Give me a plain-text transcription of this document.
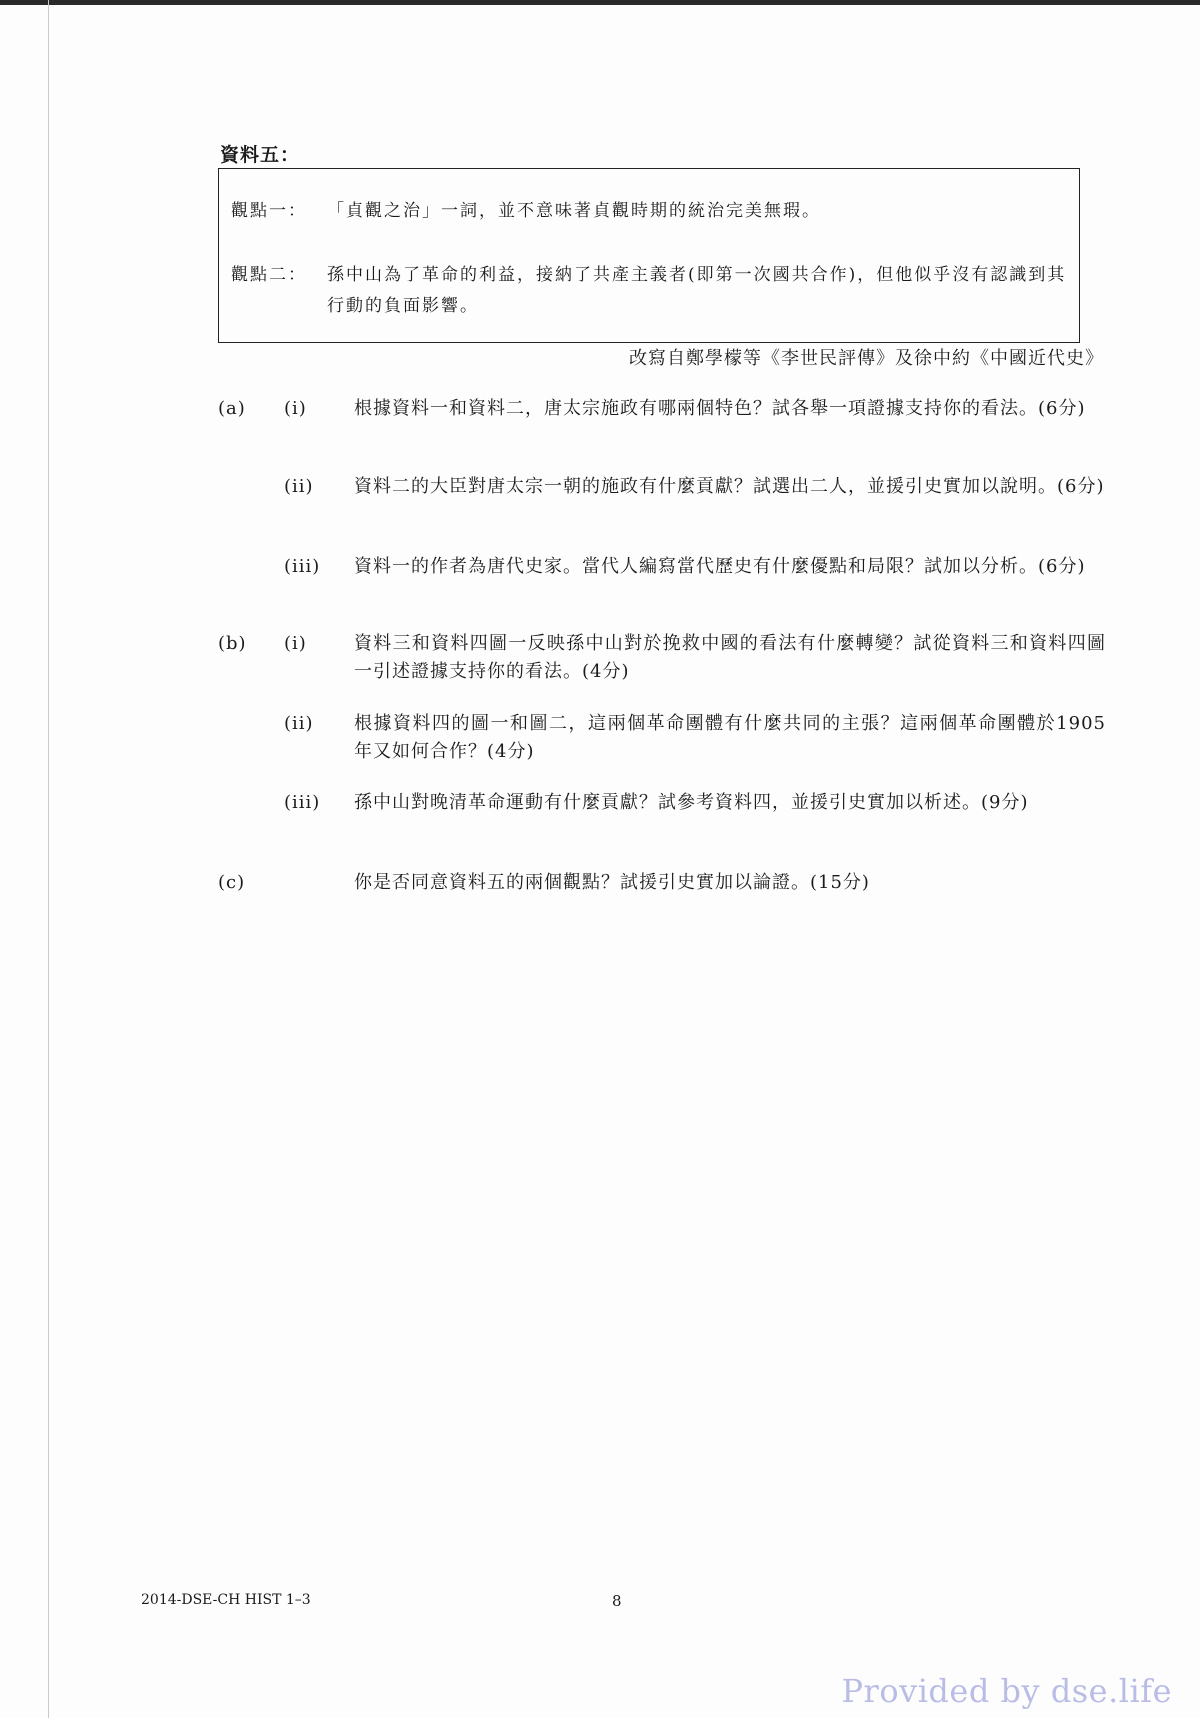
資料五：
觀點一： 「貞觀之治」一詞，並不意味著貞觀時期的統治完美無瑕。
觀點二： 孫中山為了革命的利益，接納了共產主義者(即第一次國共合作)，但他似乎沒有認識到其行動的負面影響。
改寫自鄭學檬等《李世民評傳》及徐中約《中國近代史》
(a) (i)	根據資料一和資料二，唐太宗施政有哪兩個特色？試各舉一項證據支持你的看法。(6分)
(ii) 資料二的大臣對唐太宗一朝的施政有什麼貢獻？試選出二人，並援引史實加以說明。(6分)
(iii) 資料一的作者為唐代史家。當代人編寫當代歷史有什麼優點和局限？試加以分析。(6分)
(b) (i)	資料三和資料四圖一反映孫中山對於挽救中國的看法有什麼轉變？試從資料三和資料四圖一引述證據支持你的看法。(4分)
(ii) 根據資料四的圖一和圖二，這兩個革命團體有什麼共同的主張？這兩個革命團體於1905年又如何合作？(4分)
(iii) 孫中山對晚清革命運動有什麼貢獻？試參考資料四，並援引史實加以析述。(9分)
(c)	你是否同意資料五的兩個觀點？試援引史實加以論證。(15分)
2014-DSE-CH HIST 1–3	8
Provided by dse.life
